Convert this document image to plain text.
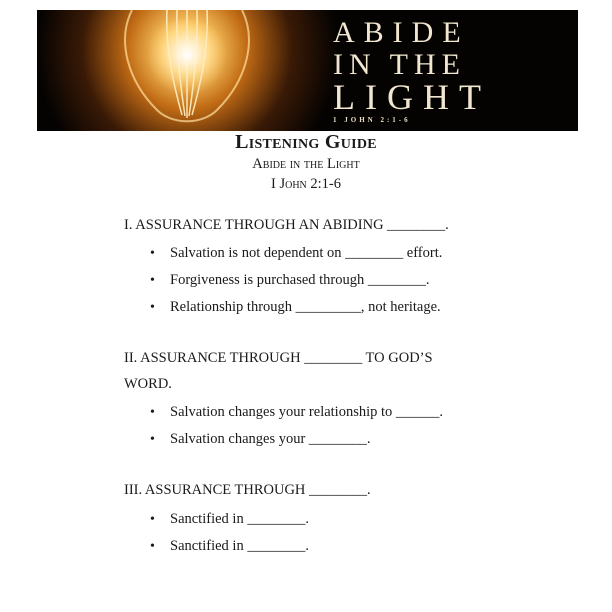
ABIDE
IN THE
LIGHT
1 JOHN 2:1-6
Listening Guide
Abide in the Light
I John 2:1-6
I. ASSURANCE THROUGH AN ABIDING ________.
• Salvation is not dependent on ________ effort.
• Forgiveness is purchased through ________.
• Relationship through _________, not heritage.
II. ASSURANCE THROUGH ________ TO GOD’S WORD.
• Salvation changes your relationship to ______.
• Salvation changes your ________.
III. ASSURANCE THROUGH ________.
• Sanctified in ________.
• Sanctified in ________.
